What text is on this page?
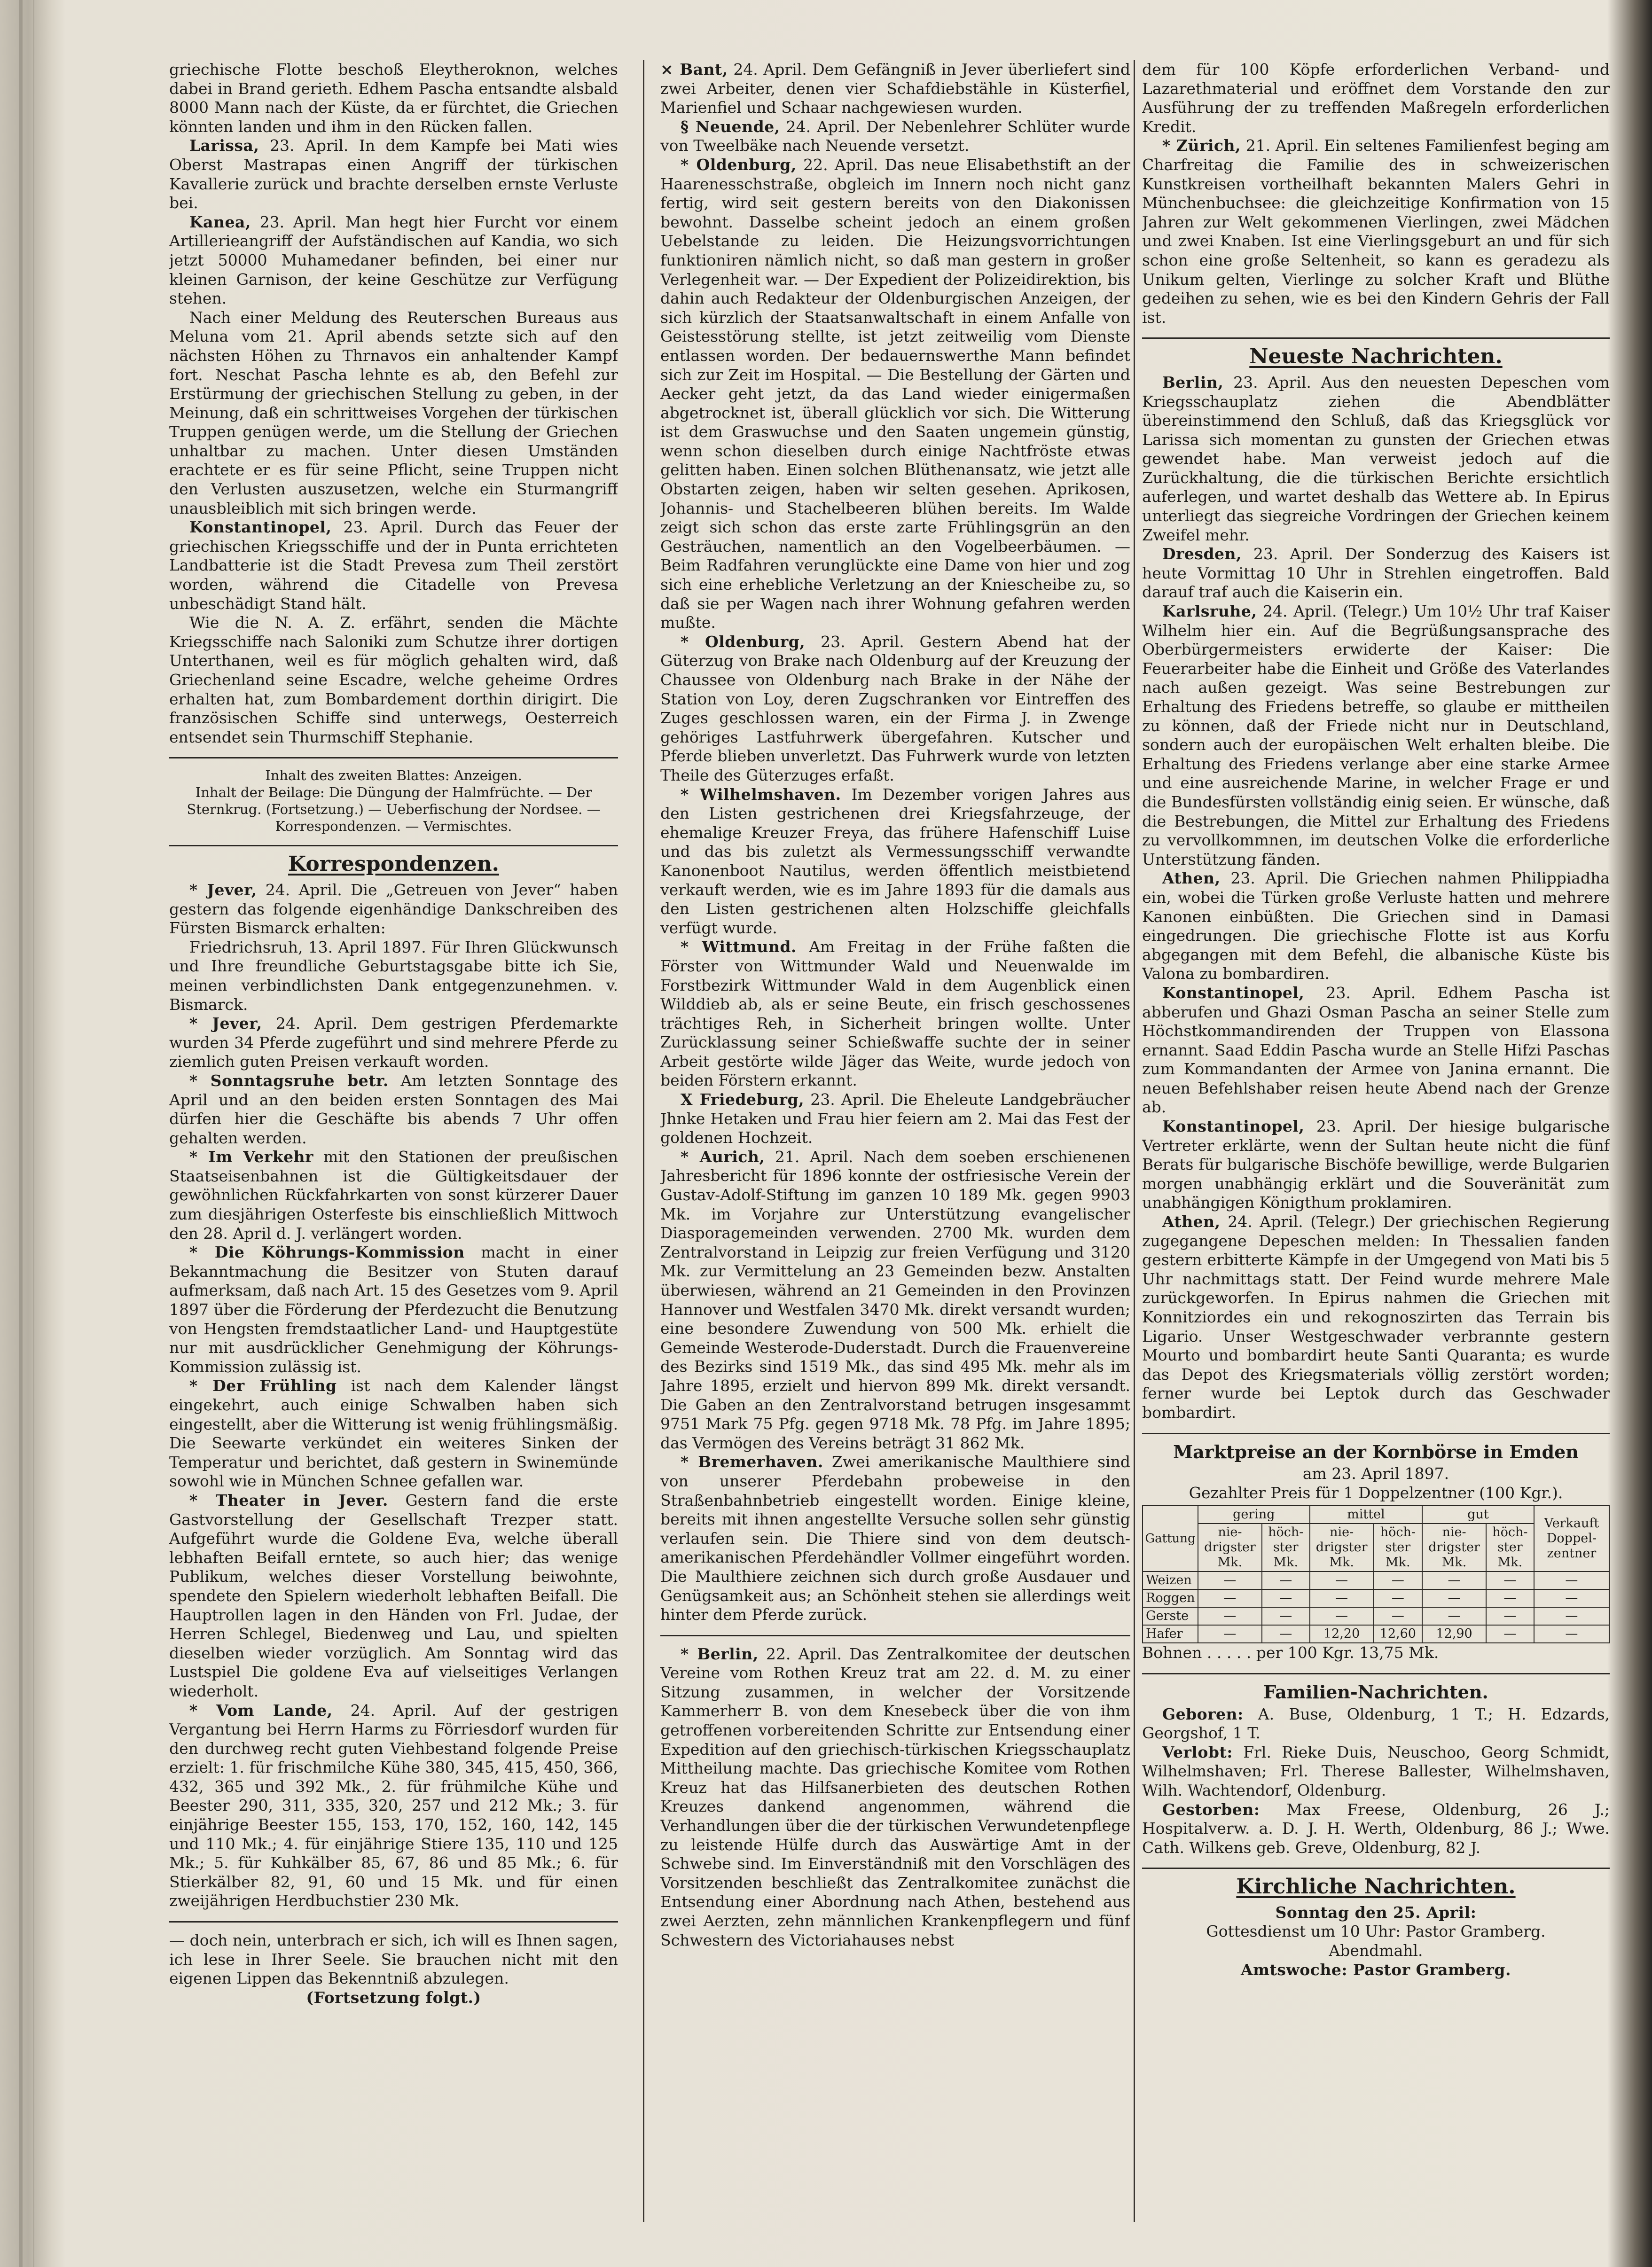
griechische Flotte beschoß Eleytheroknon, welches dabei in Brand gerieth. Edhem Pascha entsandte alsbald 8000 Mann nach der Küste, da er fürchtet, die Griechen könnten landen und ihm in den Rücken fallen.

Larissa, 23. April. In dem Kampfe bei Mati wies Oberst Mastrapas einen Angriff der türkischen Kavallerie zurück und brachte derselben ernste Verluste bei.

Kanea, 23. April. Man hegt hier Furcht vor einem Artillerieangriff der Aufständischen auf Kandia, wo sich jetzt 50000 Muhamedaner befinden, bei einer nur kleinen Garnison, der keine Geschütze zur Verfügung stehen.

Nach einer Meldung des Reuterschen Bureaus aus Meluna vom 21. April abends setzte sich auf den nächsten Höhen zu Thrnavos ein anhaltender Kampf fort. Neschat Pascha lehnte es ab, den Befehl zur Erstürmung der griechischen Stellung zu geben, in der Meinung, daß ein schrittweises Vorgehen der türkischen Truppen genügen werde, um die Stellung der Griechen unhaltbar zu machen. Unter diesen Umständen erachtete er es für seine Pflicht, seine Truppen nicht den Verlusten auszusetzen, welche ein Sturmangriff unausbleiblich mit sich bringen werde.

Konstantinopel, 23. April. Durch das Feuer der griechischen Kriegsschiffe und der in Punta errichteten Landbatterie ist die Stadt Prevesa zum Theil zerstört worden, während die Citadelle von Prevesa unbeschädigt Stand hält.

Wie die N. A. Z. erfährt, senden die Mächte Kriegsschiffe nach Saloniki zum Schutze ihrer dortigen Unterthanen, weil es für möglich gehalten wird, daß Griechenland seine Escadre, welche geheime Ordres erhalten hat, zum Bombardement dorthin dirigirt. Die französischen Schiffe sind unterwegs, Oesterreich entsendet sein Thurmschiff Stephanie.

Inhalt des zweiten Blattes: Anzeigen.

Inhalt der Beilage: Die Düngung der Halmfrüchte. — Der Sternkrug. (Fortsetzung.) — Ueberfischung der Nordsee. — Korrespondenzen. — Vermischtes.

Korrespondenzen.

* Jever, 24. April. Die „Getreuen von Jever“ haben gestern das folgende eigenhändige Dankschreiben des Fürsten Bismarck erhalten:

Friedrichsruh, 13. April 1897. Für Ihren Glückwunsch und Ihre freundliche Geburtstagsgabe bitte ich Sie, meinen verbindlichsten Dank entgegenzunehmen. v. Bismarck.

* Jever, 24. April. Dem gestrigen Pferdemarkte wurden 34 Pferde zugeführt und sind mehrere Pferde zu ziemlich guten Preisen verkauft worden.

* Sonntagsruhe betr. Am letzten Sonntage des April und an den beiden ersten Sonntagen des Mai dürfen hier die Geschäfte bis abends 7 Uhr offen gehalten werden.

* Im Verkehr mit den Stationen der preußischen Staatseisenbahnen ist die Gültigkeitsdauer der gewöhnlichen Rückfahrkarten von sonst kürzerer Dauer zum diesjährigen Osterfeste bis einschließlich Mittwoch den 28. April d. J. verlängert worden.

* Die Köhrungs-Kommission macht in einer Bekanntmachung die Besitzer von Stuten darauf aufmerksam, daß nach Art. 15 des Gesetzes vom 9. April 1897 über die Förderung der Pferdezucht die Benutzung von Hengsten fremdstaatlicher Land- und Hauptgestüte nur mit ausdrücklicher Genehmigung der Köhrungs-Kommission zulässig ist.

* Der Frühling ist nach dem Kalender längst eingekehrt, auch einige Schwalben haben sich eingestellt, aber die Witterung ist wenig frühlingsmäßig. Die Seewarte verkündet ein weiteres Sinken der Temperatur und berichtet, daß gestern in Swinemünde sowohl wie in München Schnee gefallen war.

* Theater in Jever. Gestern fand die erste Gastvorstellung der Gesellschaft Trezper statt. Aufgeführt wurde die Goldene Eva, welche überall lebhaften Beifall erntete, so auch hier; das wenige Publikum, welches dieser Vorstellung beiwohnte, spendete den Spielern wiederholt lebhaften Beifall. Die Hauptrollen lagen in den Händen von Frl. Judae, der Herren Schlegel, Biedenweg und Lau, und spielten dieselben wieder vorzüglich. Am Sonntag wird das Lustspiel Die goldene Eva auf vielseitiges Verlangen wiederholt.

* Vom Lande, 24. April. Auf der gestrigen Vergantung bei Herrn Harms zu Förriesdorf wurden für den durchweg recht guten Viehbestand folgende Preise erzielt: 1. für frischmilche Kühe 380, 345, 415, 450, 366, 432, 365 und 392 Mk., 2. für frühmilche Kühe und Beester 290, 311, 335, 320, 257 und 212 Mk.; 3. für einjährige Beester 155, 153, 170, 152, 160, 142, 145 und 110 Mk.; 4. für einjährige Stiere 135, 110 und 125 Mk.; 5. für Kuhkälber 85, 67, 86 und 85 Mk.; 6. für Stierkälber 82, 91, 60 und 15 Mk. und für einen zweijährigen Herdbuchstier 230 Mk.

— doch nein, unterbrach er sich, ich will es Ihnen sagen, ich lese in Ihrer Seele. Sie brauchen nicht mit den eigenen Lippen das Bekenntniß abzulegen.

(Fortsetzung folgt.)

× Bant, 24. April. Dem Gefängniß in Jever überliefert sind zwei Arbeiter, denen vier Schafdiebstähle in Küsterfiel, Marienfiel und Schaar nachgewiesen wurden.

§ Neuende, 24. April. Der Nebenlehrer Schlüter wurde von Tweelbäke nach Neuende versetzt.

* Oldenburg, 22. April. Das neue Elisabethstift an der Haarenesschstraße, obgleich im Innern noch nicht ganz fertig, wird seit gestern bereits von den Diakonissen bewohnt. Dasselbe scheint jedoch an einem großen Uebelstande zu leiden. Die Heizungsvorrichtungen funktioniren nämlich nicht, so daß man gestern in großer Verlegenheit war. — Der Expedient der Polizeidirektion, bis dahin auch Redakteur der Oldenburgischen Anzeigen, der sich kürzlich der Staatsanwaltschaft in einem Anfalle von Geistesstörung stellte, ist jetzt zeitweilig vom Dienste entlassen worden. Der bedauernswerthe Mann befindet sich zur Zeit im Hospital. — Die Bestellung der Gärten und Aecker geht jetzt, da das Land wieder einigermaßen abgetrocknet ist, überall glücklich vor sich. Die Witterung ist dem Graswuchse und den Saaten ungemein günstig, wenn schon dieselben durch einige Nachtfröste etwas gelitten haben. Einen solchen Blüthenansatz, wie jetzt alle Obstarten zeigen, haben wir selten gesehen. Aprikosen, Johannis- und Stachelbeeren blühen bereits. Im Walde zeigt sich schon das erste zarte Frühlingsgrün an den Gesträuchen, namentlich an den Vogelbeerbäumen. — Beim Radfahren verunglückte eine Dame von hier und zog sich eine erhebliche Verletzung an der Kniescheibe zu, so daß sie per Wagen nach ihrer Wohnung gefahren werden mußte.

* Oldenburg, 23. April. Gestern Abend hat der Güterzug von Brake nach Oldenburg auf der Kreuzung der Chaussee von Oldenburg nach Brake in der Nähe der Station von Loy, deren Zugschranken vor Eintreffen des Zuges geschlossen waren, ein der Firma J. in Zwenge gehöriges Lastfuhrwerk übergefahren. Kutscher und Pferde blieben unverletzt. Das Fuhrwerk wurde von letzten Theile des Güterzuges erfaßt.

* Wilhelmshaven. Im Dezember vorigen Jahres aus den Listen gestrichenen drei Kriegsfahrzeuge, der ehemalige Kreuzer Freya, das frühere Hafenschiff Luise und das bis zuletzt als Vermessungsschiff verwandte Kanonenboot Nautilus, werden öffentlich meistbietend verkauft werden, wie es im Jahre 1893 für die damals aus den Listen gestrichenen alten Holzschiffe gleichfalls verfügt wurde.

* Wittmund. Am Freitag in der Frühe faßten die Förster von Wittmunder Wald und Neuenwalde im Forstbezirk Wittmunder Wald in dem Augenblick einen Wilddieb ab, als er seine Beute, ein frisch geschossenes trächtiges Reh, in Sicherheit bringen wollte. Unter Zurücklassung seiner Schießwaffe suchte der in seiner Arbeit gestörte wilde Jäger das Weite, wurde jedoch von beiden Förstern erkannt.

X Friedeburg, 23. April. Die Eheleute Landgebräucher Jhnke Hetaken und Frau hier feiern am 2. Mai das Fest der goldenen Hochzeit.

* Aurich, 21. April. Nach dem soeben erschienenen Jahresbericht für 1896 konnte der ostfriesische Verein der Gustav-Adolf-Stiftung im ganzen 10 189 Mk. gegen 9903 Mk. im Vorjahre zur Unterstützung evangelischer Diasporagemeinden verwenden. 2700 Mk. wurden dem Zentralvorstand in Leipzig zur freien Verfügung und 3120 Mk. zur Vermittelung an 23 Gemeinden bezw. Anstalten überwiesen, während an 21 Gemeinden in den Provinzen Hannover und Westfalen 3470 Mk. direkt versandt wurden; eine besondere Zuwendung von 500 Mk. erhielt die Gemeinde Westerode-Duderstadt. Durch die Frauenvereine des Bezirks sind 1519 Mk., das sind 495 Mk. mehr als im Jahre 1895, erzielt und hiervon 899 Mk. direkt versandt. Die Gaben an den Zentralvorstand betrugen insgesammt 9751 Mark 75 Pfg. gegen 9718 Mk. 78 Pfg. im Jahre 1895; das Vermögen des Vereins beträgt 31 862 Mk.

* Bremerhaven. Zwei amerikanische Maulthiere sind von unserer Pferdebahn probeweise in den Straßenbahnbetrieb eingestellt worden. Einige kleine, bereits mit ihnen angestellte Versuche sollen sehr günstig verlaufen sein. Die Thiere sind von dem deutsch-amerikanischen Pferdehändler Vollmer eingeführt worden. Die Maulthiere zeichnen sich durch große Ausdauer und Genügsamkeit aus; an Schönheit stehen sie allerdings weit hinter dem Pferde zurück.

* Berlin, 22. April. Das Zentralkomitee der deutschen Vereine vom Rothen Kreuz trat am 22. d. M. zu einer Sitzung zusammen, in welcher der Vorsitzende Kammerherr B. von dem Knesebeck über die von ihm getroffenen vorbereitenden Schritte zur Entsendung einer Expedition auf den griechisch-türkischen Kriegsschauplatz Mittheilung machte. Das griechische Komitee vom Rothen Kreuz hat das Hilfsanerbieten des deutschen Rothen Kreuzes dankend angenommen, während die Verhandlungen über die der türkischen Verwundetenpflege zu leistende Hülfe durch das Auswärtige Amt in der Schwebe sind. Im Einverständniß mit den Vorschlägen des Vorsitzenden beschließt das Zentralkomitee zunächst die Entsendung einer Abordnung nach Athen, bestehend aus zwei Aerzten, zehn männlichen Krankenpflegern und fünf Schwestern des Victoriahauses nebst

dem für 100 Köpfe erforderlichen Verband- und Lazarethmaterial und eröffnet dem Vorstande den zur Ausführung der zu treffenden Maßregeln erforderlichen Kredit.

* Zürich, 21. April. Ein seltenes Familienfest beging am Charfreitag die Familie des in schweizerischen Kunstkreisen vortheilhaft bekannten Malers Gehri in Münchenbuchsee: die gleichzeitige Konfirmation von 15 Jahren zur Welt gekommenen Vierlingen, zwei Mädchen und zwei Knaben. Ist eine Vierlingsgeburt an und für sich schon eine große Seltenheit, so kann es geradezu als Unikum gelten, Vierlinge zu solcher Kraft und Blüthe gedeihen zu sehen, wie es bei den Kindern Gehris der Fall ist.

Neueste Nachrichten.

Berlin, 23. April. Aus den neuesten Depeschen vom Kriegsschauplatz ziehen die Abendblätter übereinstimmend den Schluß, daß das Kriegsglück vor Larissa sich momentan zu gunsten der Griechen etwas gewendet habe. Man verweist jedoch auf die Zurückhaltung, die die türkischen Berichte ersichtlich auferlegen, und wartet deshalb das Wettere ab. In Epirus unterliegt das siegreiche Vordringen der Griechen keinem Zweifel mehr.

Dresden, 23. April. Der Sonderzug des Kaisers ist heute Vormittag 10 Uhr in Strehlen eingetroffen. Bald darauf traf auch die Kaiserin ein.

Karlsruhe, 24. April. (Telegr.) Um 10½ Uhr traf Kaiser Wilhelm hier ein. Auf die Begrüßungsansprache des Oberbürgermeisters erwiderte der Kaiser: Die Feuerarbeiter habe die Einheit und Größe des Vaterlandes nach außen gezeigt. Was seine Bestrebungen zur Erhaltung des Friedens betreffe, so glaube er mittheilen zu können, daß der Friede nicht nur in Deutschland, sondern auch der europäischen Welt erhalten bleibe. Die Erhaltung des Friedens verlange aber eine starke Armee und eine ausreichende Marine, in welcher Frage er und die Bundesfürsten vollständig einig seien. Er wünsche, daß die Bestrebungen, die Mittel zur Erhaltung des Friedens zu vervollkommnen, im deutschen Volke die erforderliche Unterstützung fänden.

Athen, 23. April. Die Griechen nahmen Philippiadha ein, wobei die Türken große Verluste hatten und mehrere Kanonen einbüßten. Die Griechen sind in Damasi eingedrungen. Die griechische Flotte ist aus Korfu abgegangen mit dem Befehl, die albanische Küste bis Valona zu bombardiren.

Konstantinopel, 23. April. Edhem Pascha ist abberufen und Ghazi Osman Pascha an seiner Stelle zum Höchstkommandirenden der Truppen von Elassona ernannt. Saad Eddin Pascha wurde an Stelle Hifzi Paschas zum Kommandanten der Armee von Janina ernannt. Die neuen Befehlshaber reisen heute Abend nach der Grenze ab.

Konstantinopel, 23. April. Der hiesige bulgarische Vertreter erklärte, wenn der Sultan heute nicht die fünf Berats für bulgarische Bischöfe bewillige, werde Bulgarien morgen unabhängig erklärt und die Souveränität zum unabhängigen Königthum proklamiren.

Athen, 24. April. (Telegr.) Der griechischen Regierung zugegangene Depeschen melden: In Thessalien fanden gestern erbitterte Kämpfe in der Umgegend von Mati bis 5 Uhr nachmittags statt. Der Feind wurde mehrere Male zurückgeworfen. In Epirus nahmen die Griechen mit Konnitziordes ein und rekognoszirten das Terrain bis Ligario. Unser Westgeschwader verbrannte gestern Mourto und bombardirt heute Santi Quaranta; es wurde das Depot des Kriegsmaterials völlig zerstört worden; ferner wurde bei Leptok durch das Geschwader bombardirt.

Marktpreise an der Kornbörse in Emden

am 23. April 1897.

Gezahlter Preis für 1 Doppelzentner (100 Kgr.).

Gattung	gering		mittel		gut		Verkauft Doppel-zentner
	nie-drigster Mk.	höch-ster Mk.	nie-drigster Mk.	höch-ster Mk.	nie-drigster Mk.	höch-ster Mk.	
Weizen	—	—	—	—	—	—	—
Roggen	—	—	—	—	—	—	—
Gerste	—	—	—	—	—	—	—
Hafer	—	—	12,20	12,60	12,90	—	—

Bohnen . . . . . per 100 Kgr. 13,75 Mk.

Familien-Nachrichten.

Geboren: A. Buse, Oldenburg, 1 T.; H. Edzards, Georgshof, 1 T.

Verlobt: Frl. Rieke Duis, Neuschoo, Georg Schmidt, Wilhelmshaven; Frl. Therese Ballester, Wilhelmshaven, Wilh. Wachtendorf, Oldenburg.

Gestorben: Max Freese, Oldenburg, 26 J.; Hospitalverw. a. D. J. H. Werth, Oldenburg, 86 J.; Wwe. Cath. Wilkens geb. Greve, Oldenburg, 82 J.

Kirchliche Nachrichten.

Sonntag den 25. April:

Gottesdienst um 10 Uhr: Pastor Gramberg.

Abendmahl.

Amtswoche: Pastor Gramberg.
